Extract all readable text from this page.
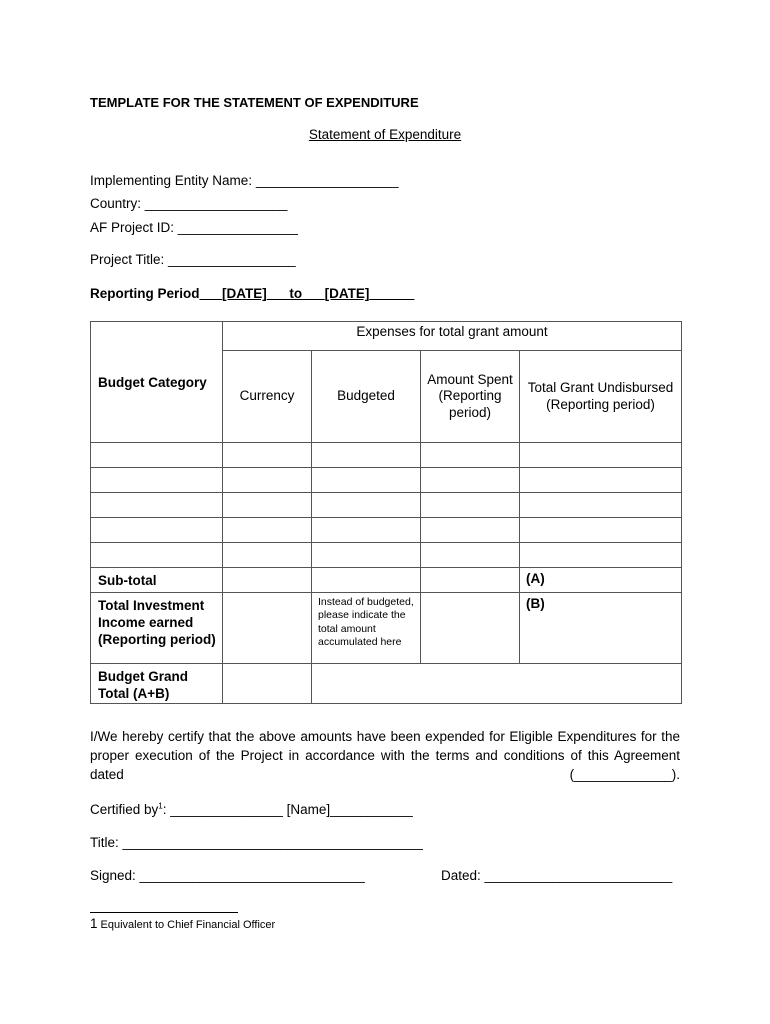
TEMPLATE FOR THE STATEMENT OF EXPENDITURE
Statement of Expenditure
Implementing Entity Name: ___________________
Country: ___________________
AF Project ID: ________________
Project Title: _________________
Reporting Period___[DATE]___to___[DATE]______
Budget Category	Expenses for total grant amount			
	Currency	Budgeted	Amount Spent (Reporting period)	Total Grant Undisbursed (Reporting period)

Sub-total				(A)
Total Investment Income earned (Reporting period)		Instead of budgeted, please indicate the total amount accumulated here		(B)
Budget Grand Total (A+B)				
I/We hereby certify that the above amounts have been expended for Eligible Expenditures for the proper execution of the Project in accordance with the terms and conditions of this Agreement dated (_____________).
Certified $by^1$: _______________ [Name]___________
Title: ________________________________________
Signed: ______________________________	Dated: _________________________
1 Equivalent to Chief Financial Officer
